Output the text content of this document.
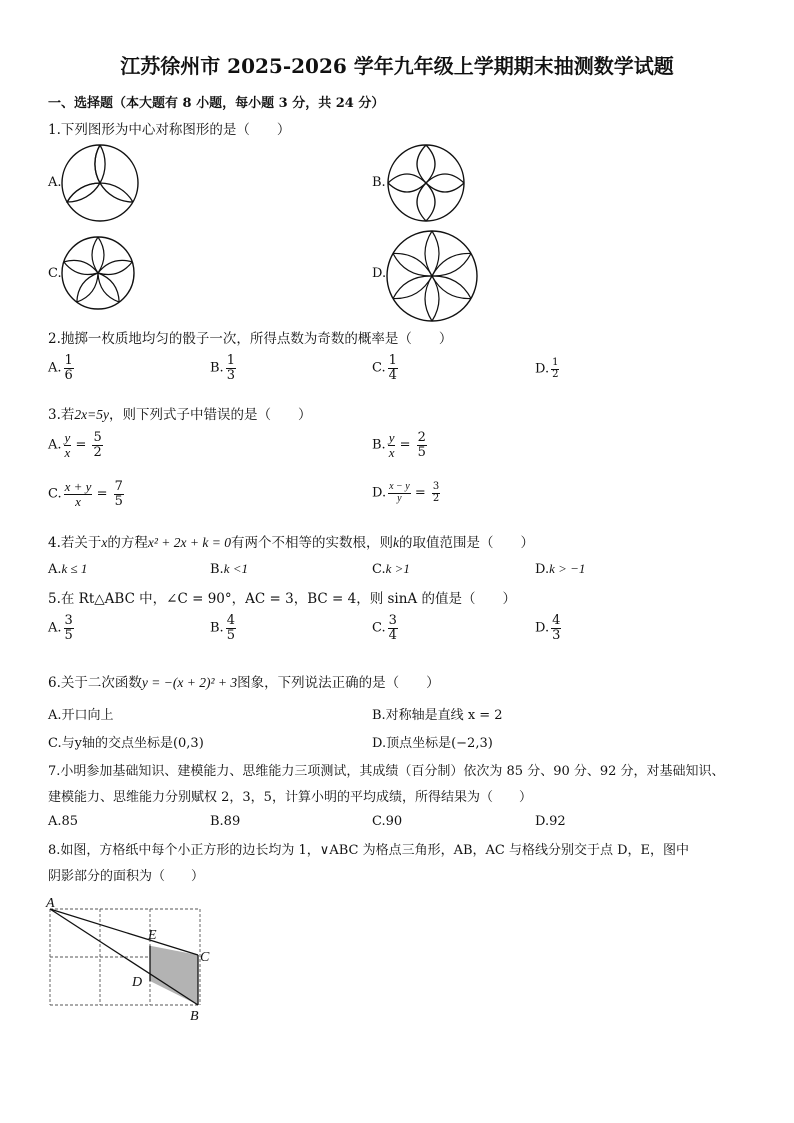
江苏徐州市 2025-2026 学年九年级上学期期末抽测数学试题
一、选择题（本大题有 8 小题，每小题 3 分，共 24 分）
1.下列图形为中心对称图形的是（　　）
A.	B.
C.	D.
2.抛掷一枚质地均匀的骰子一次，所得点数为奇数的概率是（　　）
A. $\frac{1}{6}$	B. $\frac{1}{3}$	C. $\frac{1}{4}$	D. $\frac{1}{2}$
3.若2x=5y，则下列式子中错误的是（　　）
A. $\frac{y}{x} = \frac{5}{2}$	B. $\frac{y}{x} = \frac{2}{5}$
C. $\frac{x + y}{x} = \frac{7}{5}$	D. $\frac{x - y}{y} = \frac{3}{2}$
4.若关于x的方程x² + 2x + k = 0有两个不相等的实数根，则k的取值范围是（　　）
A.k ≤ 1	B.k <1	C.k >1	D.k > −1
5.在 Rt△ABC 中，∠C = 90°，AC = 3，BC = 4，则 sinA 的值是（　　）
A. $\frac{3}{5}$	B. $\frac{4}{5}$	C. $\frac{3}{4}$	D. $\frac{4}{3}$
6.关于二次函数y = −(x + 2)² + 3图象，下列说法正确的是（　　）
A.开口向上	B.对称轴是直线 x = 2
C.与y轴的交点坐标是(0,3)	D.顶点坐标是(−2,3)
7.小明参加基础知识、建模能力、思维能力三项测试，其成绩（百分制）依次为 85 分、90 分、92 分，对基础知识、
建模能力、思维能力分别赋权 2，3，5，计算小明的平均成绩，所得结果为（　　）
A.85	B.89	C.90	D.92
8.如图，方格纸中每个小正方形的边长均为 1，∨ABC 为格点三角形，AB，AC 与格线分别交于点 D，E，图中
阴影部分的面积为（　　）
A
E
C
D
B
